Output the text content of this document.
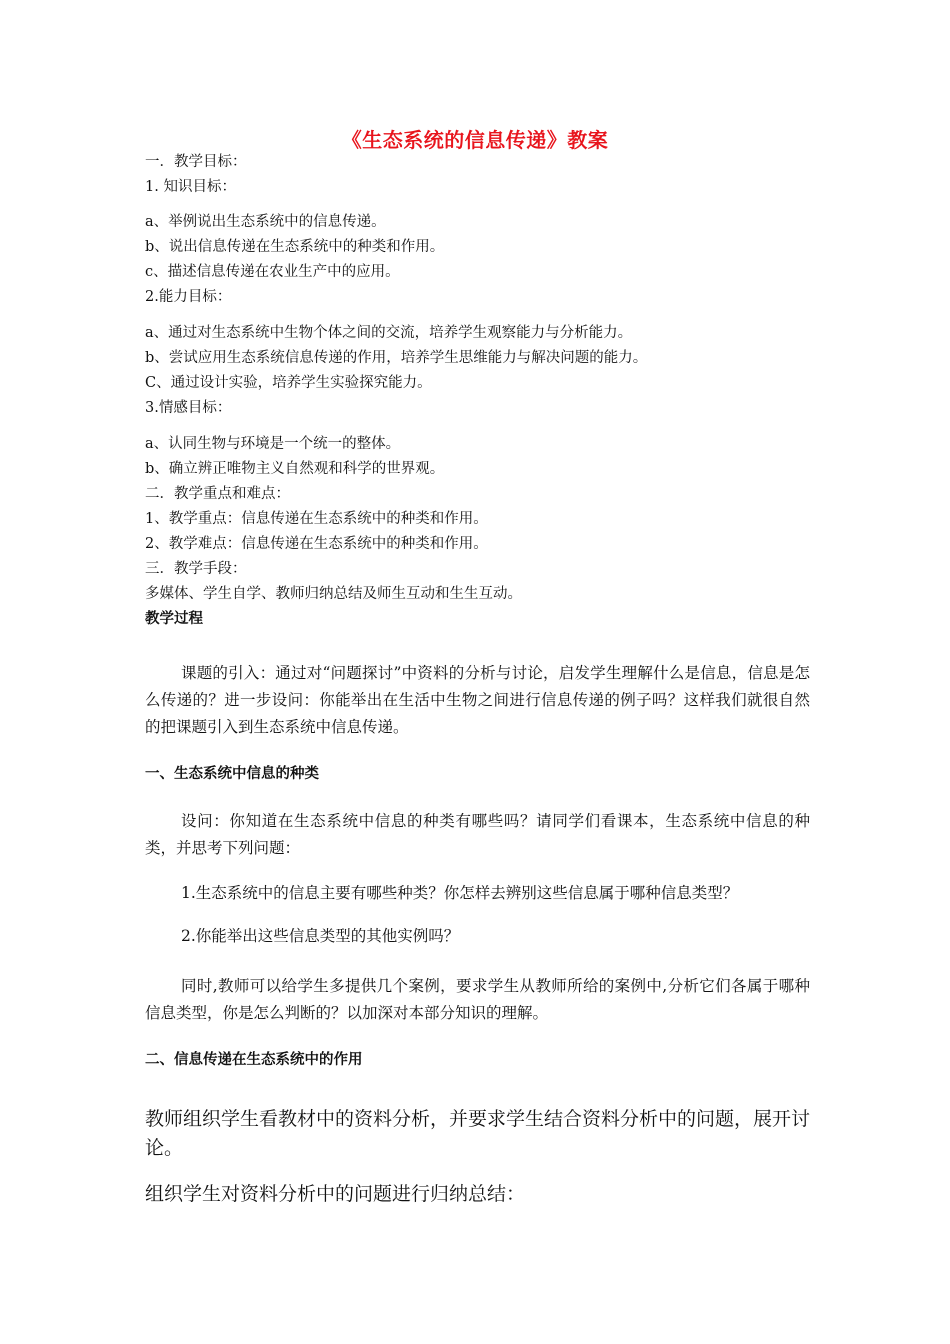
《生态系统的信息传递》教案
一．教学目标：
1. 知识目标：
a、举例说出生态系统中的信息传递。
b、说出信息传递在生态系统中的种类和作用。
c、描述信息传递在农业生产中的应用。
2.能力目标：
a、通过对生态系统中生物个体之间的交流，培养学生观察能力与分析能力。
b、尝试应用生态系统信息传递的作用，培养学生思维能力与解决问题的能力。
C、通过设计实验，培养学生实验探究能力。
3.情感目标：
a、认同生物与环境是一个统一的整体。
b、确立辨正唯物主义自然观和科学的世界观。
二．教学重点和难点：
1、教学重点：信息传递在生态系统中的种类和作用。
2、教学难点：信息传递在生态系统中的种类和作用。
三．教学手段：
多媒体、学生自学、教师归纳总结及师生互动和生生互动。
教学过程
课题的引入：通过对“问题探讨”中资料的分析与讨论，启发学生理解什么是信息，信息是怎么传递的？进一步设问：你能举出在生活中生物之间进行信息传递的例子吗？这样我们就很自然的把课题引入到生态系统中信息传递。
一、生态系统中信息的种类
设问：你知道在生态系统中信息的种类有哪些吗？请同学们看课本，生态系统中信息的种类，并思考下列问题：
1.生态系统中的信息主要有哪些种类？你怎样去辨别这些信息属于哪种信息类型？
2.你能举出这些信息类型的其他实例吗？
同时,教师可以给学生多提供几个案例，要求学生从教师所给的案例中,分析它们各属于哪种信息类型，你是怎么判断的？以加深对本部分知识的理解。
二、信息传递在生态系统中的作用
教师组织学生看教材中的资料分析，并要求学生结合资料分析中的问题，展开讨论。
组织学生对资料分析中的问题进行归纳总结：
